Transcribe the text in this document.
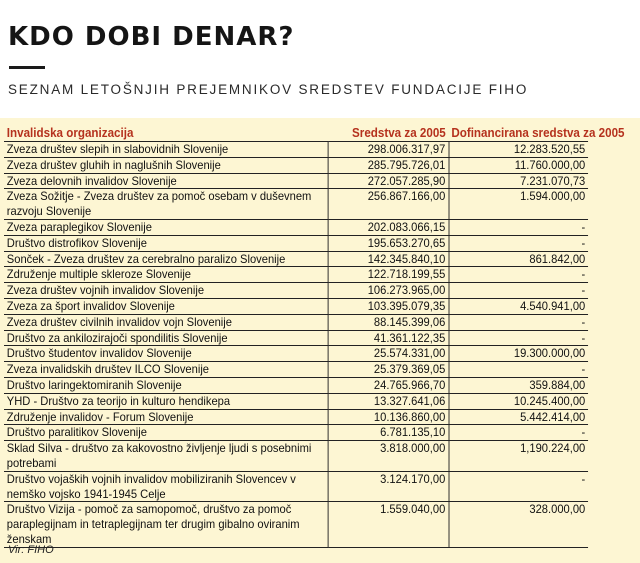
KDO DOBI DENAR?
SEZNAM LETOŠNJIH PREJEMNIKOV SREDSTEV FUNDACIJE FIHO
Invalidska organizacija	Sredstva za 2005	Dofinancirana sredstva za 2005
Zveza društev slepih in slabovidnih Slovenije	298.006.317,97	12.283.520,55
Zveza društev gluhih in naglušnih Slovenije	285.795.726,01	11.760.000,00
Zveza delovnih invalidov Slovenije	272.057.285,90	7.231.070,73
Zveza Sožitje - Zveza društev za pomoč osebam v duševnem razvoju Slovenije	256.867.166,00	1.594.000,00
Zveza paraplegikov Slovenije	202.083.066,15	-
Društvo distrofikov Slovenije	195.653.270,65	-
Sonček - Zveza društev za cerebralno paralizo Slovenije	142.345.840,10	861.842,00
Združenje multiple skleroze Slovenije	122.718.199,55	-
Zveza društev vojnih invalidov Slovenije	106.273.965,00	-
Zveza za šport invalidov Slovenije	103.395.079,35	4.540.941,00
Zveza društev civilnih invalidov vojn Slovenije	88.145.399,06	-
Društvo za ankilozirajoči spondilitis Slovenije	41.361.122,35	-
Društvo študentov invalidov Slovenije	25.574.331,00	19.300.000,00
Zveza invalidskih društev ILCO Slovenije	25.379.369,05	-
Društvo laringektomiranih Slovenije	24.765.966,70	359.884,00
YHD - Društvo za teorijo in kulturo hendikepa	13.327.641,06	10.245.400,00
Združenje invalidov - Forum Slovenije	10.136.860,00	5.442.414,00
Društvo paralitikov Slovenije	6.781.135,10	-
Sklad Silva - društvo za kakovostno življenje ljudi s posebnimi potrebami	3.818.000,00	1,190.224,00
Društvo vojaških vojnih invalidov mobiliziranih Slovencev v nemško vojsko 1941-1945 Celje	3.124.170,00	-
Društvo Vizija - pomoč za samopomoč, društvo za pomoč paraplegijnam in tetraplegijnam ter drugim gibalno oviranim ženskam	1.559.040,00	328.000,00
Vir: FIHO
